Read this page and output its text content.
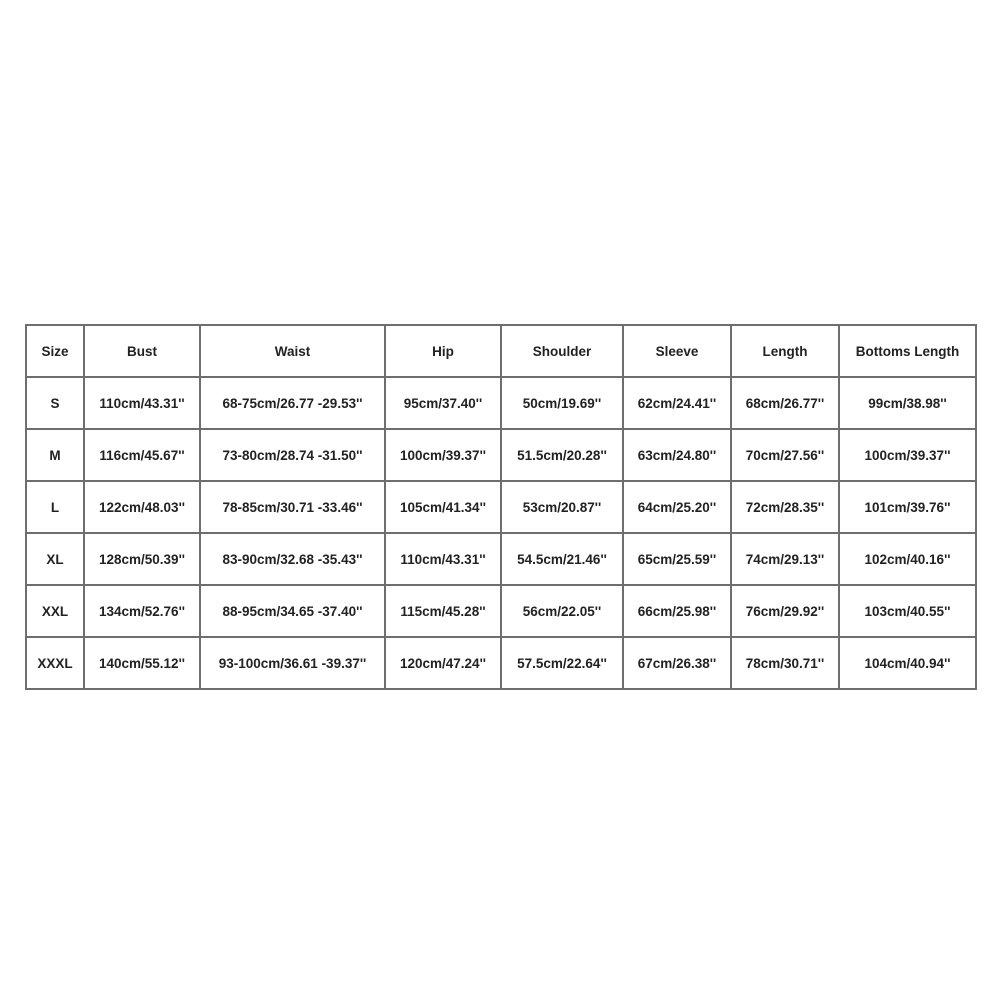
Size	Bust	Waist	Hip	Shoulder	Sleeve	Length	Bottoms Length
S	110cm/43.31''	68-75cm/26.77 -29.53''	95cm/37.40''	50cm/19.69''	62cm/24.41''	68cm/26.77''	99cm/38.98''
M	116cm/45.67''	73-80cm/28.74 -31.50''	100cm/39.37''	51.5cm/20.28''	63cm/24.80''	70cm/27.56''	100cm/39.37''
L	122cm/48.03''	78-85cm/30.71 -33.46''	105cm/41.34''	53cm/20.87''	64cm/25.20''	72cm/28.35''	101cm/39.76''
XL	128cm/50.39''	83-90cm/32.68 -35.43''	110cm/43.31''	54.5cm/21.46''	65cm/25.59''	74cm/29.13''	102cm/40.16''
XXL	134cm/52.76''	88-95cm/34.65 -37.40''	115cm/45.28''	56cm/22.05''	66cm/25.98''	76cm/29.92''	103cm/40.55''
XXXL	140cm/55.12''	93-100cm/36.61 -39.37''	120cm/47.24''	57.5cm/22.64''	67cm/26.38''	78cm/30.71''	104cm/40.94''
